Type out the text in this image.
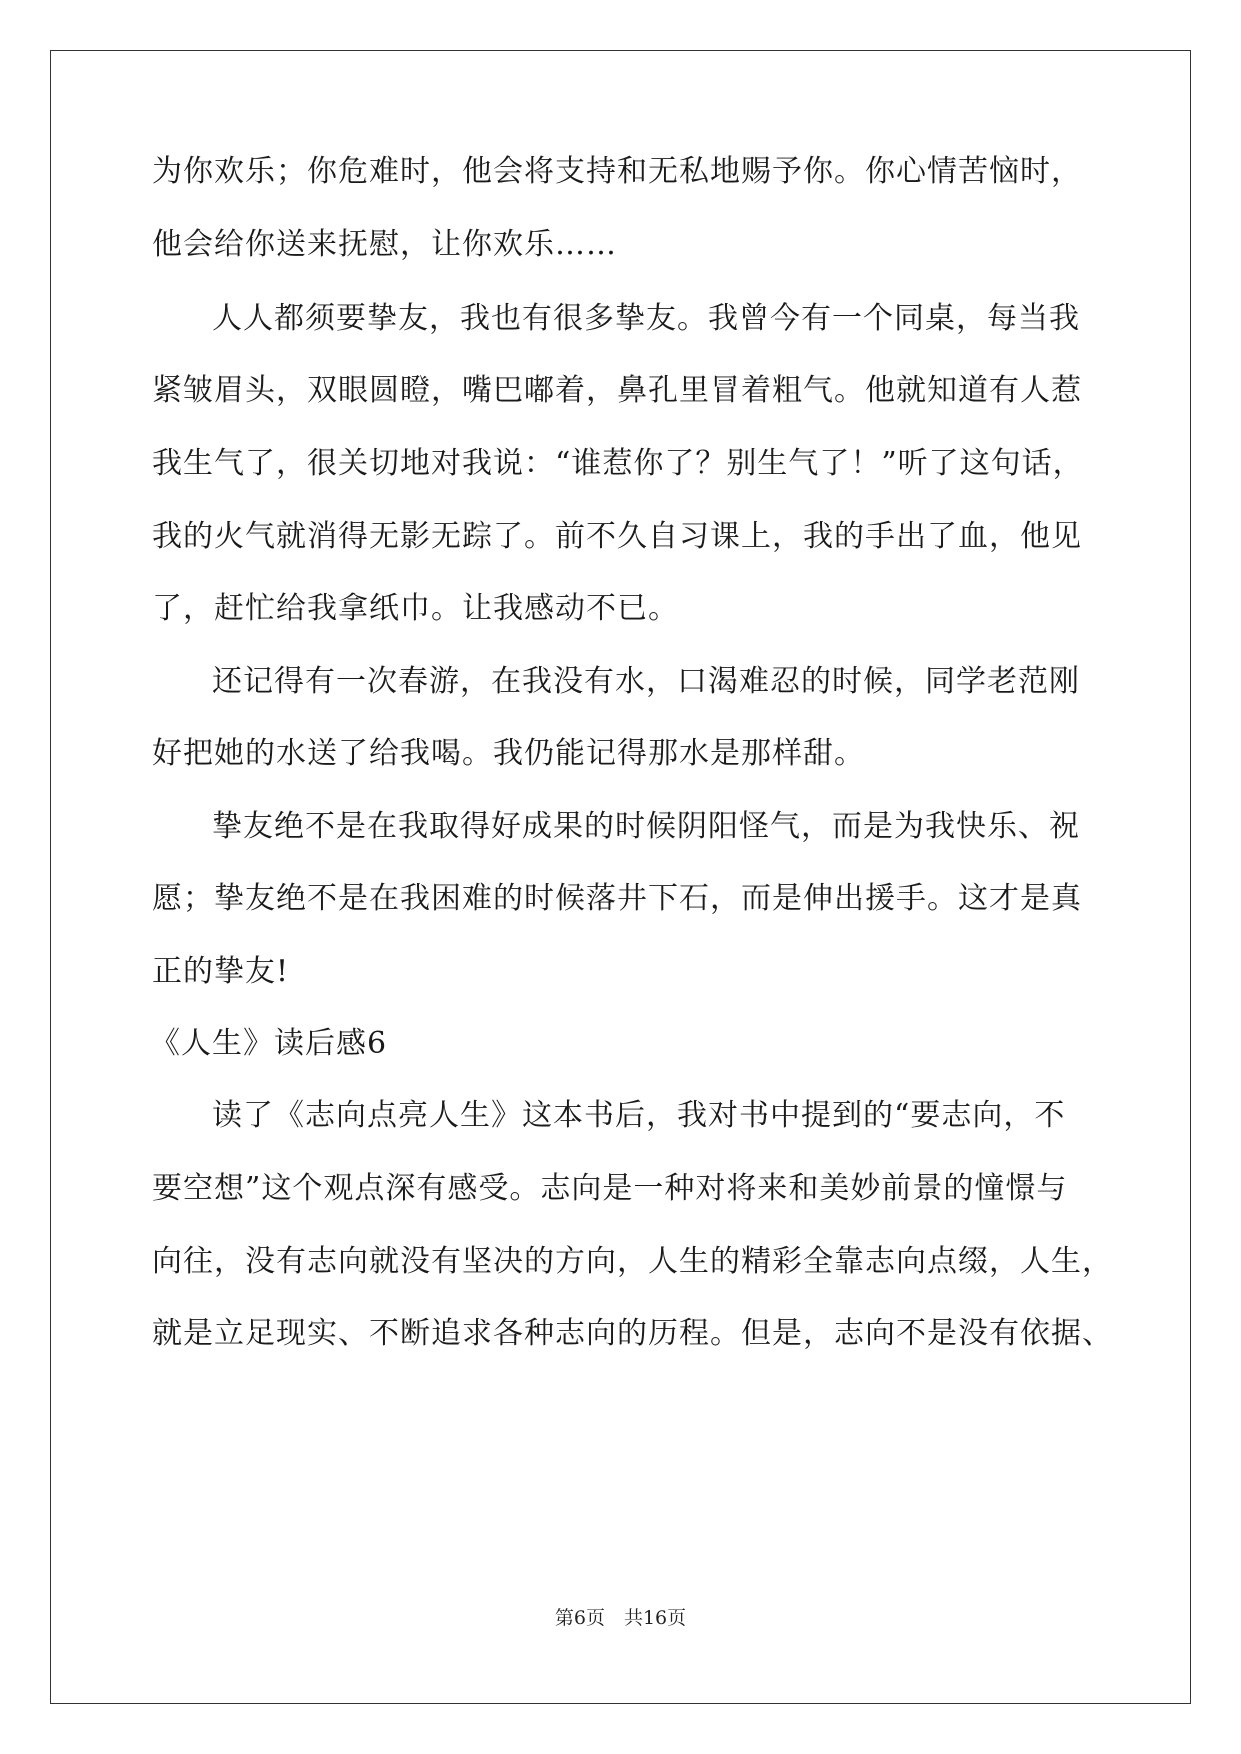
为你欢乐；你危难时，他会将支持和无私地赐予你。你心情苦恼时，
他会给你送来抚慰，让你欢乐……
人人都须要挚友，我也有很多挚友。我曾今有一个同桌，每当我
紧皱眉头，双眼圆瞪，嘴巴嘟着，鼻孔里冒着粗气。他就知道有人惹
我生气了，很关切地对我说：“谁惹你了？别生气了！”听了这句话，
我的火气就消得无影无踪了。前不久自习课上，我的手出了血，他见
了，赶忙给我拿纸巾。让我感动不已。
还记得有一次春游，在我没有水，口渴难忍的时候，同学老范刚
好把她的水送了给我喝。我仍能记得那水是那样甜。
挚友绝不是在我取得好成果的时候阴阳怪气，而是为我快乐、祝
愿；挚友绝不是在我困难的时候落井下石，而是伸出援手。这才是真
正的挚友!
《人生》读后感6
读了《志向点亮人生》这本书后，我对书中提到的“要志向，不
要空想”这个观点深有感受。志向是一种对将来和美妙前景的憧憬与
向往，没有志向就没有坚决的方向，人生的精彩全靠志向点缀，人生，
就是立足现实、不断追求各种志向的历程。但是，志向不是没有依据、
第6页　共16页
